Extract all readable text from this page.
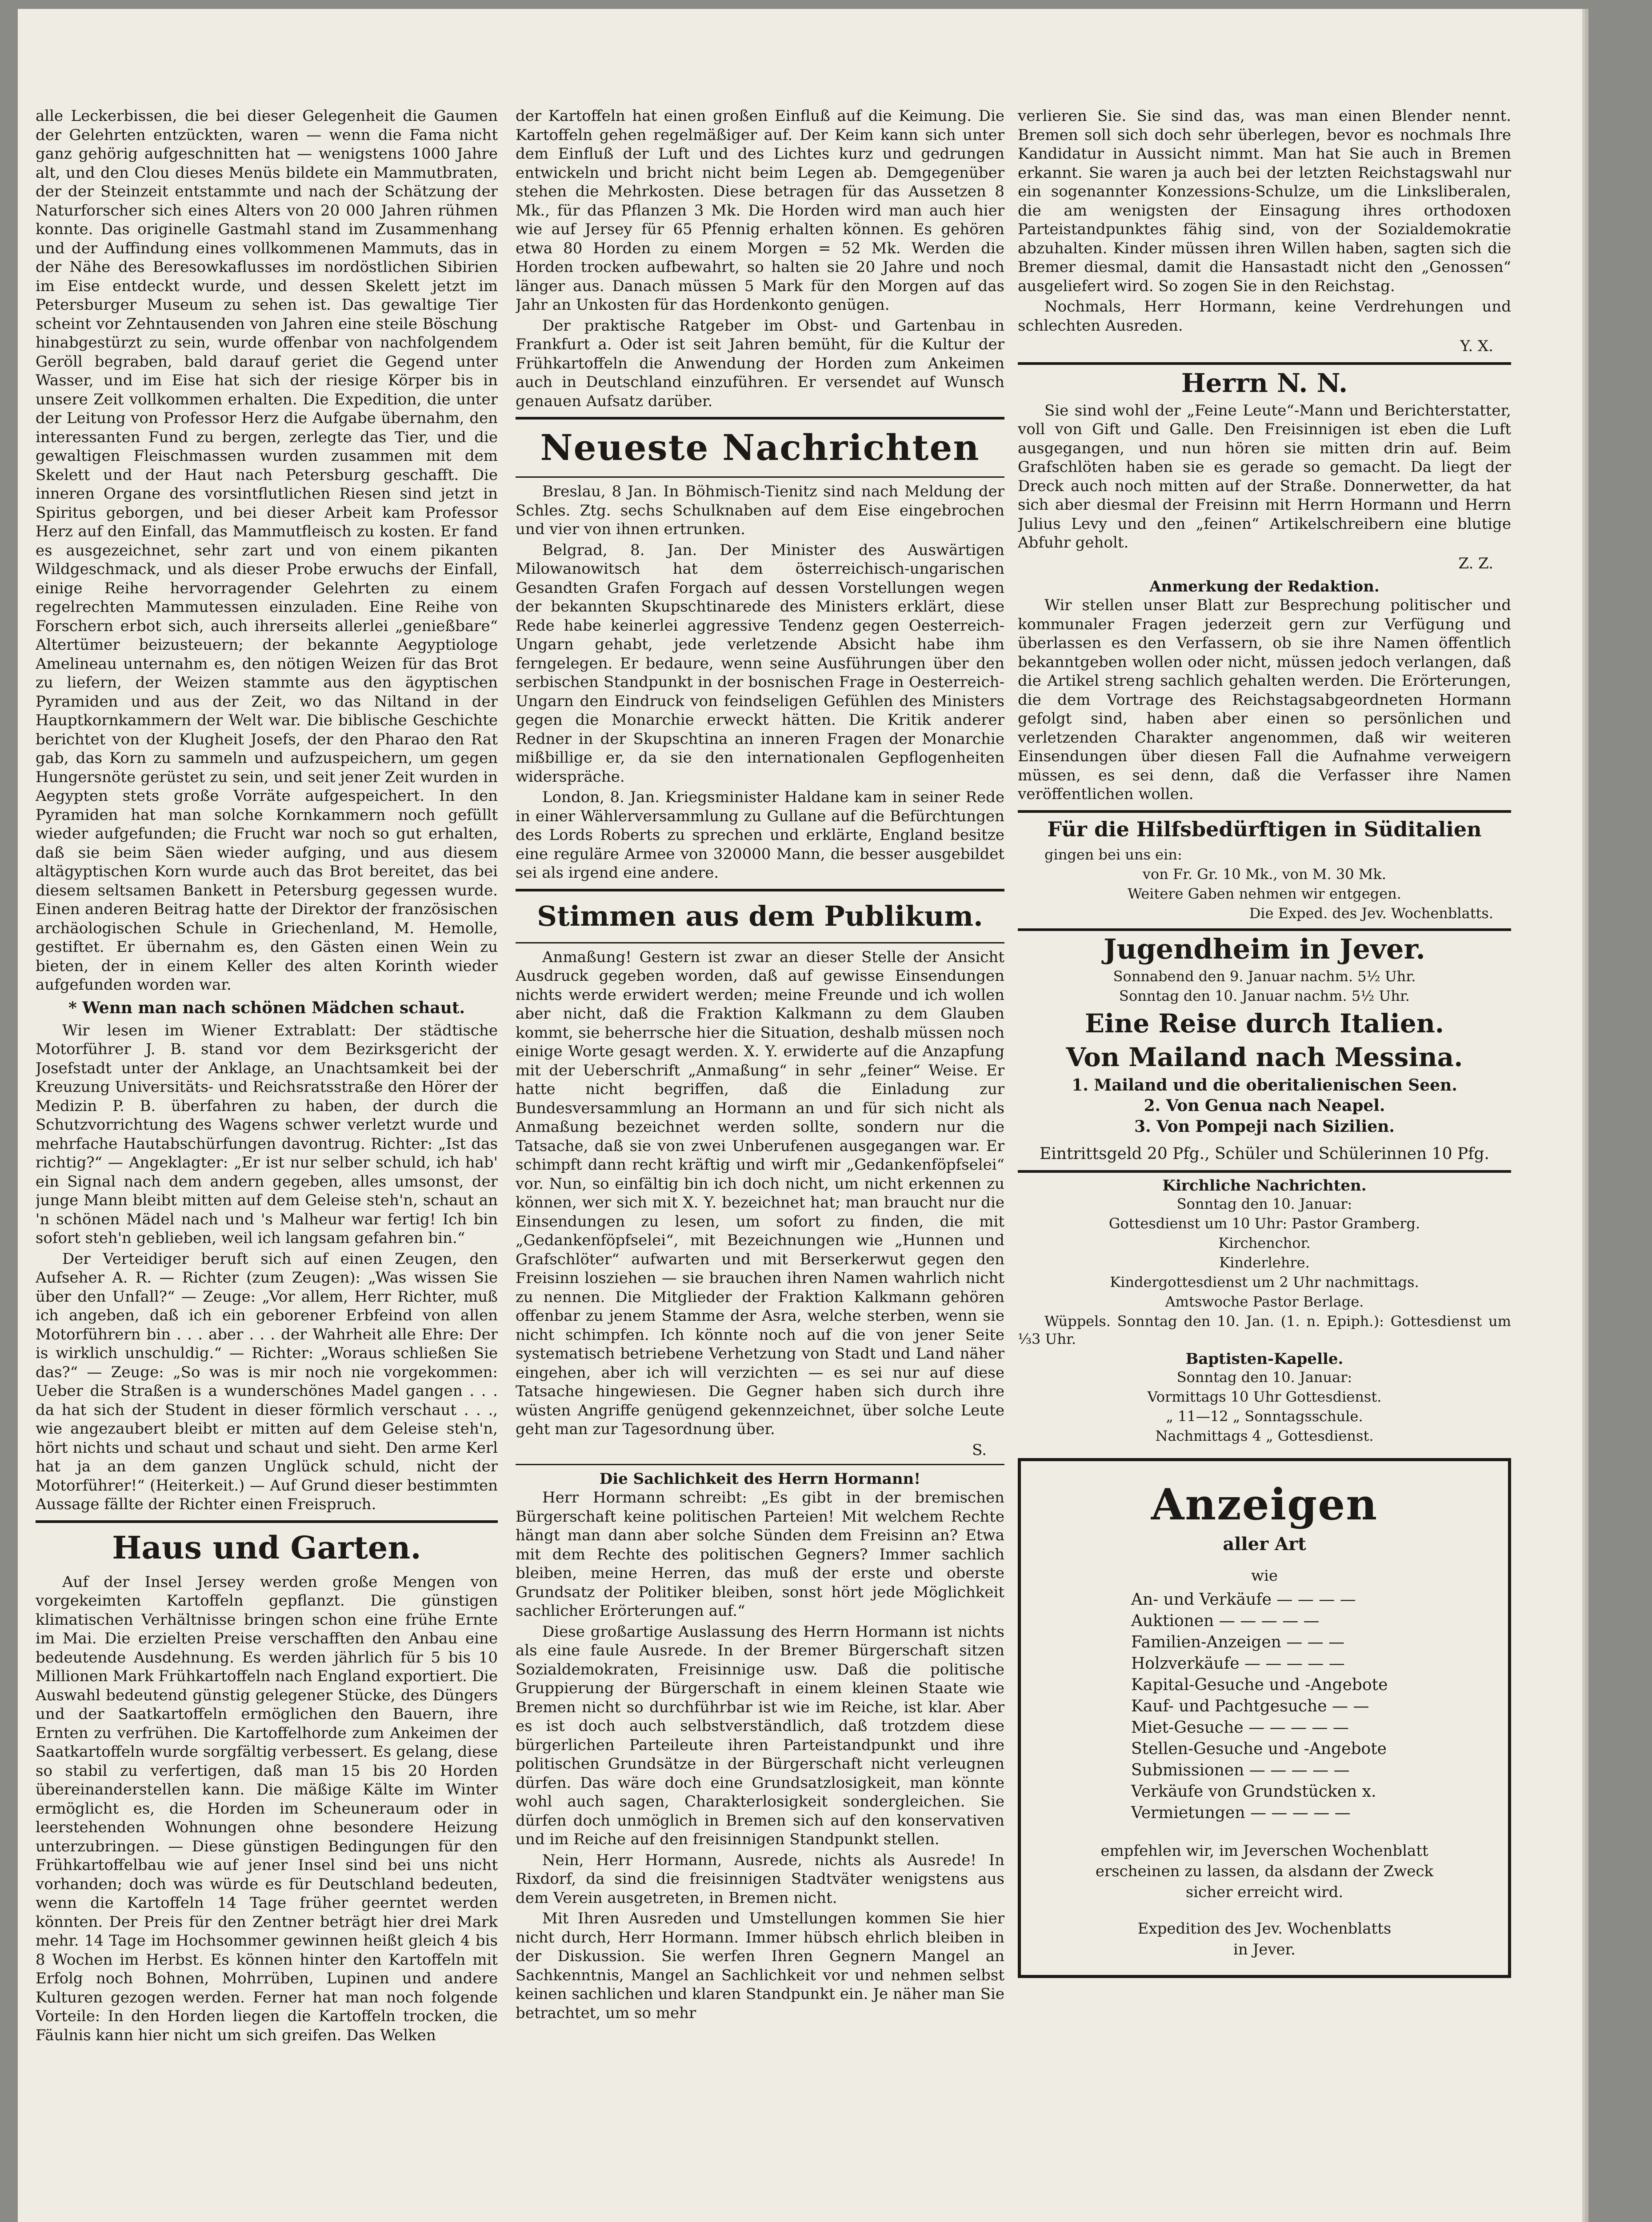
alle Leckerbissen, die bei dieser Gelegenheit die Gaumen der Gelehrten entzückten, waren — wenn die Fama nicht ganz gehörig aufgeschnitten hat — wenigstens 1000 Jahre alt, und den Clou dieses Menüs bildete ein Mammutbraten, der der Steinzeit entstammte und nach der Schätzung der Naturforscher sich eines Alters von 20 000 Jahren rühmen konnte. Das originelle Gastmahl stand im Zusammenhang und der Auffindung eines vollkommenen Mammuts, das in der Nähe des Beresowkaflusses im nordöstlichen Sibirien im Eise entdeckt wurde, und dessen Skelett jetzt im Petersburger Museum zu sehen ist. Das gewaltige Tier scheint vor Zehntausenden von Jahren eine steile Böschung hinabgestürzt zu sein, wurde offenbar von nachfolgendem Geröll begraben, bald darauf geriet die Gegend unter Wasser, und im Eise hat sich der riesige Körper bis in unsere Zeit vollkommen erhalten. Die Expedition, die unter der Leitung von Professor Herz die Aufgabe übernahm, den interessanten Fund zu bergen, zerlegte das Tier, und die gewaltigen Fleischmassen wurden zusammen mit dem Skelett und der Haut nach Petersburg geschafft. Die inneren Organe des vorsintflutlichen Riesen sind jetzt in Spiritus geborgen, und bei dieser Arbeit kam Professor Herz auf den Einfall, das Mammutfleisch zu kosten. Er fand es ausgezeichnet, sehr zart und von einem pikanten Wildgeschmack, und als dieser Probe erwuchs der Einfall, einige Reihe hervorragender Gelehrten zu einem regelrechten Mammutessen einzuladen. Eine Reihe von Forschern erbot sich, auch ihrerseits allerlei „genießbare“ Altertümer beizusteuern; der bekannte Aegyptiologe Amelineau unternahm es, den nötigen Weizen für das Brot zu liefern, der Weizen stammte aus den ägyptischen Pyramiden und aus der Zeit, wo das Niltand in der Hauptkornkammern der Welt war. Die biblische Geschichte berichtet von der Klugheit Josefs, der den Pharao den Rat gab, das Korn zu sammeln und aufzuspeichern, um gegen Hungersnöte gerüstet zu sein, und seit jener Zeit wurden in Aegypten stets große Vorräte aufgespeichert. In den Pyramiden hat man solche Kornkammern noch gefüllt wieder aufgefunden; die Frucht war noch so gut erhalten, daß sie beim Säen wieder aufging, und aus diesem altägyptischen Korn wurde auch das Brot bereitet, das bei diesem seltsamen Bankett in Petersburg gegessen wurde. Einen anderen Beitrag hatte der Direktor der französischen archäologischen Schule in Griechenland, M. Hemolle, gestiftet. Er übernahm es, den Gästen einen Wein zu bieten, der in einem Keller des alten Korinth wieder aufgefunden worden war.

* Wenn man nach schönen Mädchen schaut.

Wir lesen im Wiener Extrablatt: Der städtische Motorführer J. B. stand vor dem Bezirksgericht der Josefstadt unter der Anklage, an Unachtsamkeit bei der Kreuzung Universitäts- und Reichsratsstraße den Hörer der Medizin P. B. überfahren zu haben, der durch die Schutzvorrichtung des Wagens schwer verletzt wurde und mehrfache Hautabschürfungen davontrug. Richter: „Ist das richtig?“ — Angeklagter: „Er ist nur selber schuld, ich hab' ein Signal nach dem andern gegeben, alles umsonst, der junge Mann bleibt mitten auf dem Geleise steh'n, schaut an 'n schönen Mädel nach und 's Malheur war fertig! Ich bin sofort steh'n geblieben, weil ich langsam gefahren bin.“

Der Verteidiger beruft sich auf einen Zeugen, den Aufseher A. R. — Richter (zum Zeugen): „Was wissen Sie über den Unfall?“ — Zeuge: „Vor allem, Herr Richter, muß ich angeben, daß ich ein geborener Erbfeind von allen Motorführern bin . . . aber . . . der Wahrheit alle Ehre: Der is wirklich unschuldig.“ — Richter: „Woraus schließen Sie das?“ — Zeuge: „So was is mir noch nie vorgekommen: Ueber die Straßen is a wunderschönes Madel gangen . . . da hat sich der Student in dieser förmlich verschaut . . ., wie angezaubert bleibt er mitten auf dem Geleise steh'n, hört nichts und schaut und schaut und sieht. Den arme Kerl hat ja an dem ganzen Unglück schuld, nicht der Motorführer!“ (Heiterkeit.) — Auf Grund dieser bestimmten Aussage fällte der Richter einen Freispruch.

Haus und Garten.

Auf der Insel Jersey werden große Mengen von vorgekeimten Kartoffeln gepflanzt. Die günstigen klimatischen Verhältnisse bringen schon eine frühe Ernte im Mai. Die erzielten Preise verschafften den Anbau eine bedeutende Ausdehnung. Es werden jährlich für 5 bis 10 Millionen Mark Frühkartoffeln nach England exportiert. Die Auswahl bedeutend günstig gelegener Stücke, des Düngers und der Saatkartoffeln ermöglichen den Bauern, ihre Ernten zu verfrühen. Die Kartoffelhorde zum Ankeimen der Saatkartoffeln wurde sorgfältig verbessert. Es gelang, diese so stabil zu verfertigen, daß man 15 bis 20 Horden übereinanderstellen kann. Die mäßige Kälte im Winter ermöglicht es, die Horden im Scheuneraum oder in leerstehenden Wohnungen ohne besondere Heizung unterzubringen. — Diese günstigen Bedingungen für den Frühkartoffelbau wie auf jener Insel sind bei uns nicht vorhanden; doch was würde es für Deutschland bedeuten, wenn die Kartoffeln 14 Tage früher geerntet werden könnten. Der Preis für den Zentner beträgt hier drei Mark mehr. 14 Tage im Hochsommer gewinnen heißt gleich 4 bis 8 Wochen im Herbst. Es können hinter den Kartoffeln mit Erfolg noch Bohnen, Mohrrüben, Lupinen und andere Kulturen gezogen werden. Ferner hat man noch folgende Vorteile: In den Horden liegen die Kartoffeln trocken, die Fäulnis kann hier nicht um sich greifen. Das Welken

der Kartoffeln hat einen großen Einfluß auf die Keimung. Die Kartoffeln gehen regelmäßiger auf. Der Keim kann sich unter dem Einfluß der Luft und des Lichtes kurz und gedrungen entwickeln und bricht nicht beim Legen ab. Demgegenüber stehen die Mehrkosten. Diese betragen für das Aussetzen 8 Mk., für das Pflanzen 3 Mk. Die Horden wird man auch hier wie auf Jersey für 65 Pfennig erhalten können. Es gehören etwa 80 Horden zu einem Morgen = 52 Mk. Werden die Horden trocken aufbewahrt, so halten sie 20 Jahre und noch länger aus. Danach müssen 5 Mark für den Morgen auf das Jahr an Unkosten für das Hordenkonto genügen.

Der praktische Ratgeber im Obst- und Gartenbau in Frankfurt a. Oder ist seit Jahren bemüht, für die Kultur der Frühkartoffeln die Anwendung der Horden zum Ankeimen auch in Deutschland einzuführen. Er versendet auf Wunsch genauen Aufsatz darüber.

Neueste Nachrichten

Breslau, 8 Jan. In Böhmisch-Tienitz sind nach Meldung der Schles. Ztg. sechs Schulknaben auf dem Eise eingebrochen und vier von ihnen ertrunken.

Belgrad, 8. Jan. Der Minister des Auswärtigen Milowanowitsch hat dem österreichisch-ungarischen Gesandten Grafen Forgach auf dessen Vorstellungen wegen der bekannten Skupschtinarede des Ministers erklärt, diese Rede habe keinerlei aggressive Tendenz gegen Oesterreich-Ungarn gehabt, jede verletzende Absicht habe ihm ferngelegen. Er bedaure, wenn seine Ausführungen über den serbischen Standpunkt in der bosnischen Frage in Oesterreich-Ungarn den Eindruck von feindseligen Gefühlen des Ministers gegen die Monarchie erweckt hätten. Die Kritik anderer Redner in der Skupschtina an inneren Fragen der Monarchie mißbillige er, da sie den internationalen Gepflogenheiten widerspräche.

London, 8. Jan. Kriegsminister Haldane kam in seiner Rede in einer Wählerversammlung zu Gullane auf die Befürchtungen des Lords Roberts zu sprechen und erklärte, England besitze eine reguläre Armee von 320000 Mann, die besser ausgebildet sei als irgend eine andere.

Stimmen aus dem Publikum.

Anmaßung! Gestern ist zwar an dieser Stelle der Ansicht Ausdruck gegeben worden, daß auf gewisse Einsendungen nichts werde erwidert werden; meine Freunde und ich wollen aber nicht, daß die Fraktion Kalkmann zu dem Glauben kommt, sie beherrsche hier die Situation, deshalb müssen noch einige Worte gesagt werden. X. Y. erwiderte auf die Anzapfung mit der Ueberschrift „Anmaßung“ in sehr „feiner“ Weise. Er hatte nicht begriffen, daß die Einladung zur Bundesversammlung an Hormann an und für sich nicht als Anmaßung bezeichnet werden sollte, sondern nur die Tatsache, daß sie von zwei Unberufenen ausgegangen war. Er schimpft dann recht kräftig und wirft mir „Gedankenföpfselei“ vor. Nun, so einfältig bin ich doch nicht, um nicht erkennen zu können, wer sich mit X. Y. bezeichnet hat; man braucht nur die Einsendungen zu lesen, um sofort zu finden, die mit „Gedankenföpfselei“, mit Bezeichnungen wie „Hunnen und Grafschlöter“ aufwarten und mit Berserkerwut gegen den Freisinn losziehen — sie brauchen ihren Namen wahrlich nicht zu nennen. Die Mitglieder der Fraktion Kalkmann gehören offenbar zu jenem Stamme der Asra, welche sterben, wenn sie nicht schimpfen. Ich könnte noch auf die von jener Seite systematisch betriebene Verhetzung von Stadt und Land näher eingehen, aber ich will verzichten — es sei nur auf diese Tatsache hingewiesen. Die Gegner haben sich durch ihre wüsten Angriffe genügend gekennzeichnet, über solche Leute geht man zur Tagesordnung über.

S.

Die Sachlichkeit des Herrn Hormann!

Herr Hormann schreibt: „Es gibt in der bremischen Bürgerschaft keine politischen Parteien! Mit welchem Rechte hängt man dann aber solche Sünden dem Freisinn an? Etwa mit dem Rechte des politischen Gegners? Immer sachlich bleiben, meine Herren, das muß der erste und oberste Grundsatz der Politiker bleiben, sonst hört jede Möglichkeit sachlicher Erörterungen auf.“

Diese großartige Auslassung des Herrn Hormann ist nichts als eine faule Ausrede. In der Bremer Bürgerschaft sitzen Sozialdemokraten, Freisinnige usw. Daß die politische Gruppierung der Bürgerschaft in einem kleinen Staate wie Bremen nicht so durchführbar ist wie im Reiche, ist klar. Aber es ist doch auch selbstverständlich, daß trotzdem diese bürgerlichen Parteileute ihren Parteistandpunkt und ihre politischen Grundsätze in der Bürgerschaft nicht verleugnen dürfen. Das wäre doch eine Grundsatzlosigkeit, man könnte wohl auch sagen, Charakterlosigkeit sondergleichen. Sie dürfen doch unmöglich in Bremen sich auf den konservativen und im Reiche auf den freisinnigen Standpunkt stellen.

Nein, Herr Hormann, Ausrede, nichts als Ausrede! In Rixdorf, da sind die freisinnigen Stadtväter wenigstens aus dem Verein ausgetreten, in Bremen nicht.

Mit Ihren Ausreden und Umstellungen kommen Sie hier nicht durch, Herr Hormann. Immer hübsch ehrlich bleiben in der Diskussion. Sie werfen Ihren Gegnern Mangel an Sachkenntnis, Mangel an Sachlichkeit vor und nehmen selbst keinen sachlichen und klaren Standpunkt ein. Je näher man Sie betrachtet, um so mehr

verlieren Sie. Sie sind das, was man einen Blender nennt. Bremen soll sich doch sehr überlegen, bevor es nochmals Ihre Kandidatur in Aussicht nimmt. Man hat Sie auch in Bremen erkannt. Sie waren ja auch bei der letzten Reichstagswahl nur ein sogenannter Konzessions-Schulze, um die Linksliberalen, die am wenigsten der Einsagung ihres orthodoxen Parteistandpunktes fähig sind, von der Sozialdemokratie abzuhalten. Kinder müssen ihren Willen haben, sagten sich die Bremer diesmal, damit die Hansastadt nicht den „Genossen“ ausgeliefert wird. So zogen Sie in den Reichstag.

Nochmals, Herr Hormann, keine Verdrehungen und schlechten Ausreden.

Y. X.

Herrn N. N.

Sie sind wohl der „Feine Leute“-Mann und Berichterstatter, voll von Gift und Galle. Den Freisinnigen ist eben die Luft ausgegangen, und nun hören sie mitten drin auf. Beim Grafschlöten haben sie es gerade so gemacht. Da liegt der Dreck auch noch mitten auf der Straße. Donnerwetter, da hat sich aber diesmal der Freisinn mit Herrn Hormann und Herrn Julius Levy und den „feinen“ Artikelschreibern eine blutige Abfuhr geholt.

Z. Z.

Anmerkung der Redaktion.

Wir stellen unser Blatt zur Besprechung politischer und kommunaler Fragen jederzeit gern zur Verfügung und überlassen es den Verfassern, ob sie ihre Namen öffentlich bekanntgeben wollen oder nicht, müssen jedoch verlangen, daß die Artikel streng sachlich gehalten werden. Die Erörterungen, die dem Vortrage des Reichstagsabgeordneten Hormann gefolgt sind, haben aber einen so persönlichen und verletzenden Charakter angenommen, daß wir weiteren Einsendungen über diesen Fall die Aufnahme verweigern müssen, es sei denn, daß die Verfasser ihre Namen veröffentlichen wollen.

Für die Hilfsbedürftigen in Süditalien

gingen bei uns ein:

von Fr. Gr. 10 Mk., von M. 30 Mk.

Weitere Gaben nehmen wir entgegen.

Die Exped. des Jev. Wochenblatts.

Jugendheim in Jever.

Sonnabend den 9. Januar nachm. 5½ Uhr.

Sonntag den 10. Januar nachm. 5½ Uhr.

Eine Reise durch Italien.
Von Mailand nach Messina.

1. Mailand und die oberitalienischen Seen.

2. Von Genua nach Neapel.

3. Von Pompeji nach Sizilien.

Eintrittsgeld 20 Pfg., Schüler und Schülerinnen 10 Pfg.

Kirchliche Nachrichten.

Sonntag den 10. Januar:

Gottesdienst um 10 Uhr: Pastor Gramberg.

Kirchenchor.

Kinderlehre.

Kindergottesdienst um 2 Uhr nachmittags.

Amtswoche Pastor Berlage.

Wüppels. Sonntag den 10. Jan. (1. n. Epiph.): Gottesdienst um ⅓3 Uhr.

Baptisten-Kapelle.

Sonntag den 10. Januar:

Vormittags 10 Uhr Gottesdienst.

„ 11—12 „ Sonntagsschule.

Nachmittags 4 „ Gottesdienst.

Anzeigen
aller Art
wie
An- und Verkäufe — — — —
Auktionen — — — — —
Familien-Anzeigen — — —
Holzverkäufe — — — — —
Kapital-Gesuche und -Angebote
Kauf- und Pachtgesuche — —
Miet-Gesuche — — — — —
Stellen-Gesuche und -Angebote
Submissionen — — — — —
Verkäufe von Grundstücken x.
Vermietungen — — — — —

empfehlen wir, im Jeverschen Wochenblatt

erscheinen zu lassen, da alsdann der Zweck

sicher erreicht wird.

Expedition des Jev. Wochenblatts

in Jever.
